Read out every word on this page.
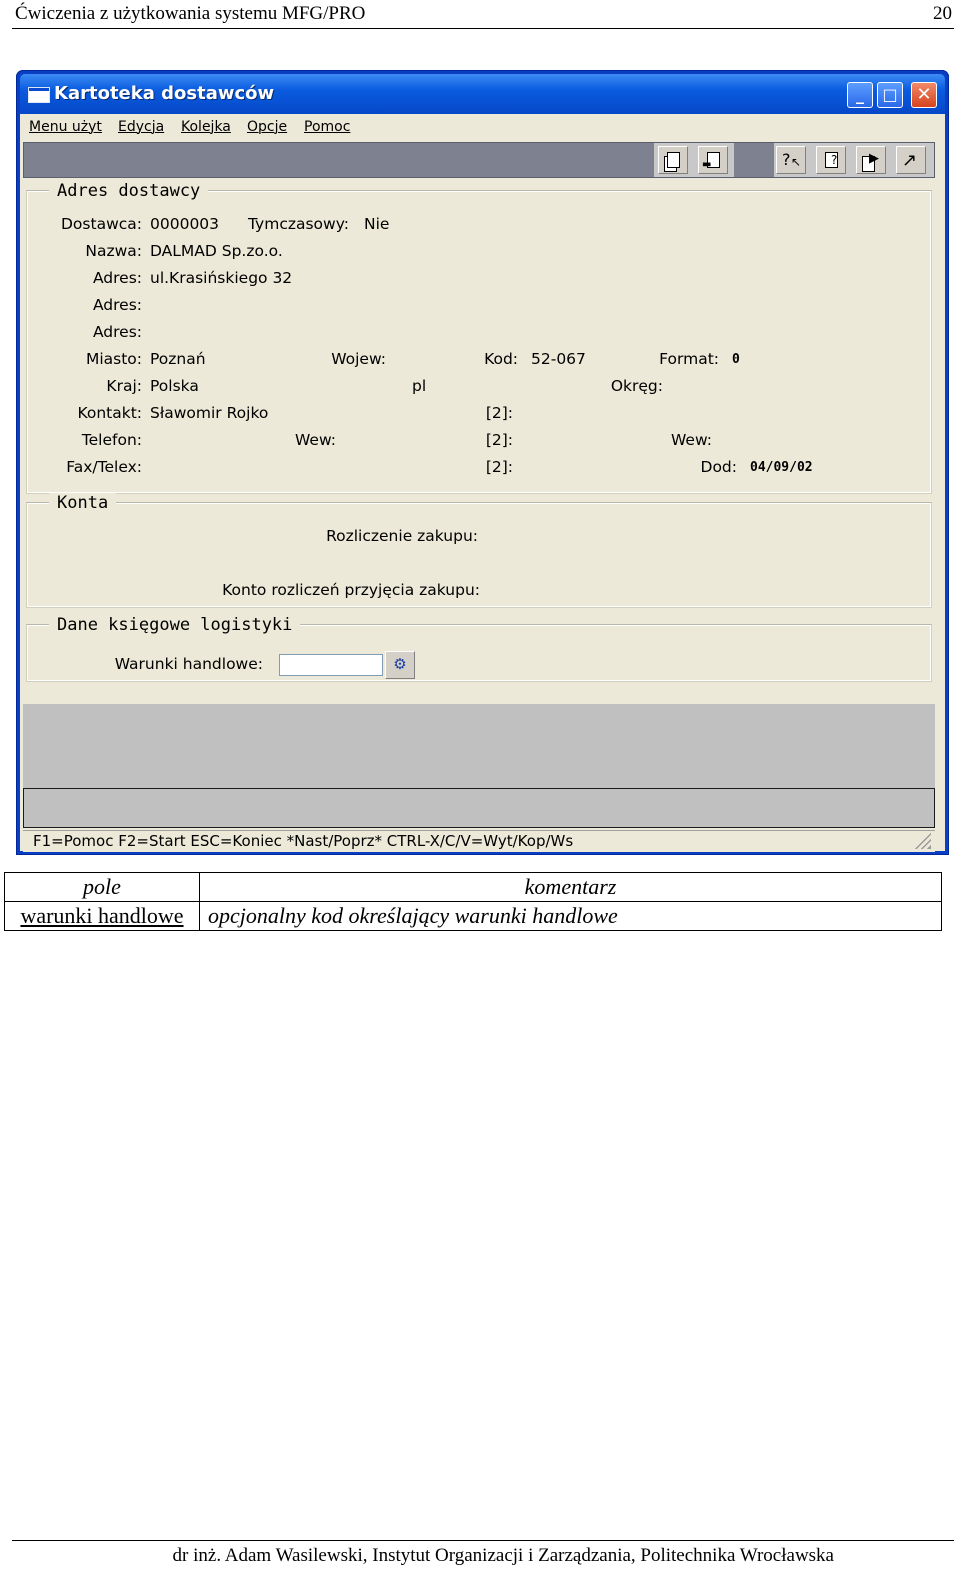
Ćwiczenia z użytkowania systemu MFG/PRO	20
Kartoteka dostawców	_	□	✕
Menu użyt Edycja Kolejka Opcje Pomoc
▬	? ↖ ? ▶ ↗
Adres dostawcy
Dostawca: 0000003 Tymczasowy: Nie
Nazwa: DALMAD Sp.zo.o.
Adres: ul.Krasińskiego 32
Adres:
Adres:
Miasto: Poznań	Wojew:	Kod: 52-067	Format: 0
Kraj: Polska	pl	Okręg:
Kontakt: Sławomir Rojko	[2]:
Telefon:	Wew:	[2]:	Wew:
Fax/Telex:	[2]:	Dod: 04/09/02
Konta
Rozliczenie zakupu:
Konto rozliczeń przyjęcia zakupu:
Dane księgowe logistyki
Warunki handlowe:	⚙
F1=Pomoc F2=Start ESC=Koniec *Nast/Poprz* CTRL-X/C/V=Wyt/Kop/Ws
pole	komentarz
warunki handlowe	opcjonalny kod określający warunki handlowe
dr inż. Adam Wasilewski, Instytut Organizacji i Zarządzania, Politechnika Wrocławska
